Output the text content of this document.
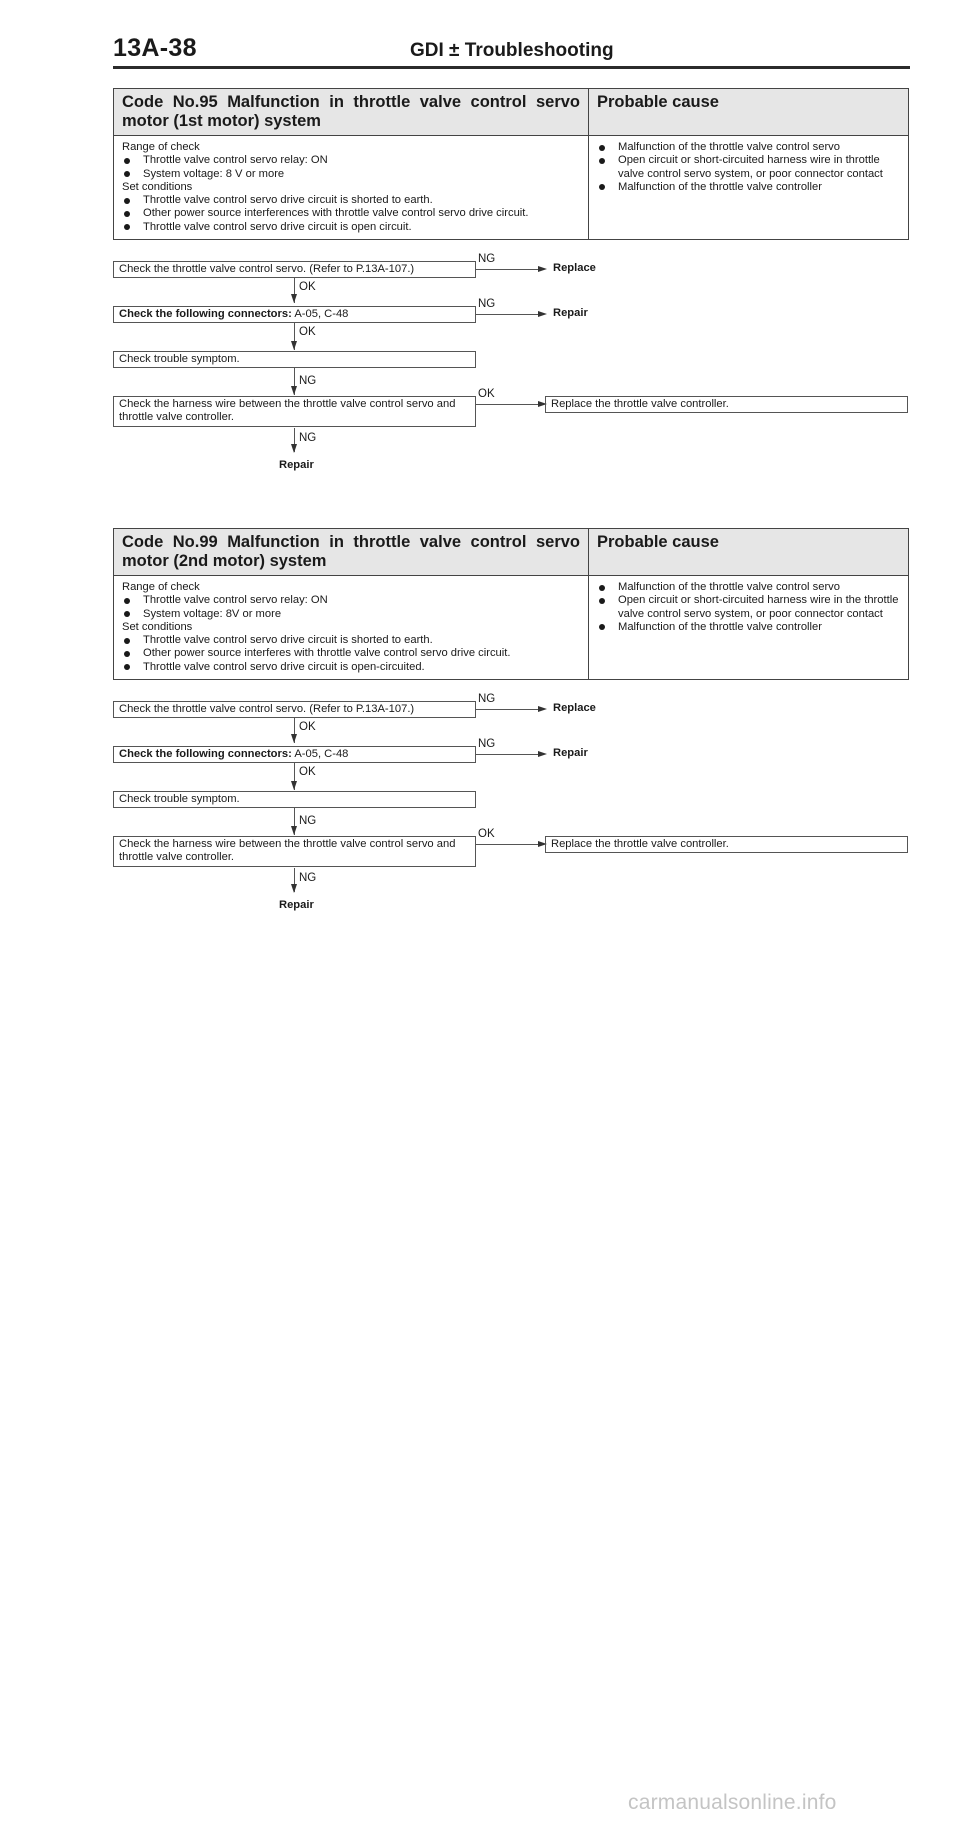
13A-38	GDI ± Troubleshooting
Code No.95 Malfunction in throttle valve control servo motor (1st motor) system
Probable cause
Range of check
Throttle valve control servo relay: ON
System voltage: 8 V or more
Set conditions
Throttle valve control servo drive circuit is shorted to earth.
Other power source interferences with throttle valve control servo drive circuit.
Throttle valve control servo drive circuit is open circuit.
Malfunction of the throttle valve control servo
Open circuit or short-circuited harness wire in throttle valve control servo system, or poor connector contact
Malfunction of the throttle valve controller
Check the throttle valve control servo. (Refer to P.13A-107.)
NG
Replace
OK
Check the following connectors: A-05, C-48
NG
Repair
OK
Check trouble symptom.
NG
Check the harness wire between the throttle valve control servo and throttle valve controller.
OK
Replace the throttle valve controller.
NG
Repair
Code No.99 Malfunction in throttle valve control servo motor (2nd motor) system
Probable cause
Range of check
Throttle valve control servo relay: ON
System voltage: 8V or more
Set conditions
Throttle valve control servo drive circuit is shorted to earth.
Other power source interferes with throttle valve control servo drive circuit.
Throttle valve control servo drive circuit is open-circuited.
Malfunction of the throttle valve control servo
Open circuit or short-circuited harness wire in the throttle valve control servo system, or poor connector contact
Malfunction of the throttle valve controller
Check the throttle valve control servo. (Refer to P.13A-107.)
NG
Replace
OK
Check the following connectors: A-05, C-48
NG
Repair
OK
Check trouble symptom.
NG
Check the harness wire between the throttle valve control servo and throttle valve controller.
OK
Replace the throttle valve controller.
NG
Repair
carmanualsonline.info
